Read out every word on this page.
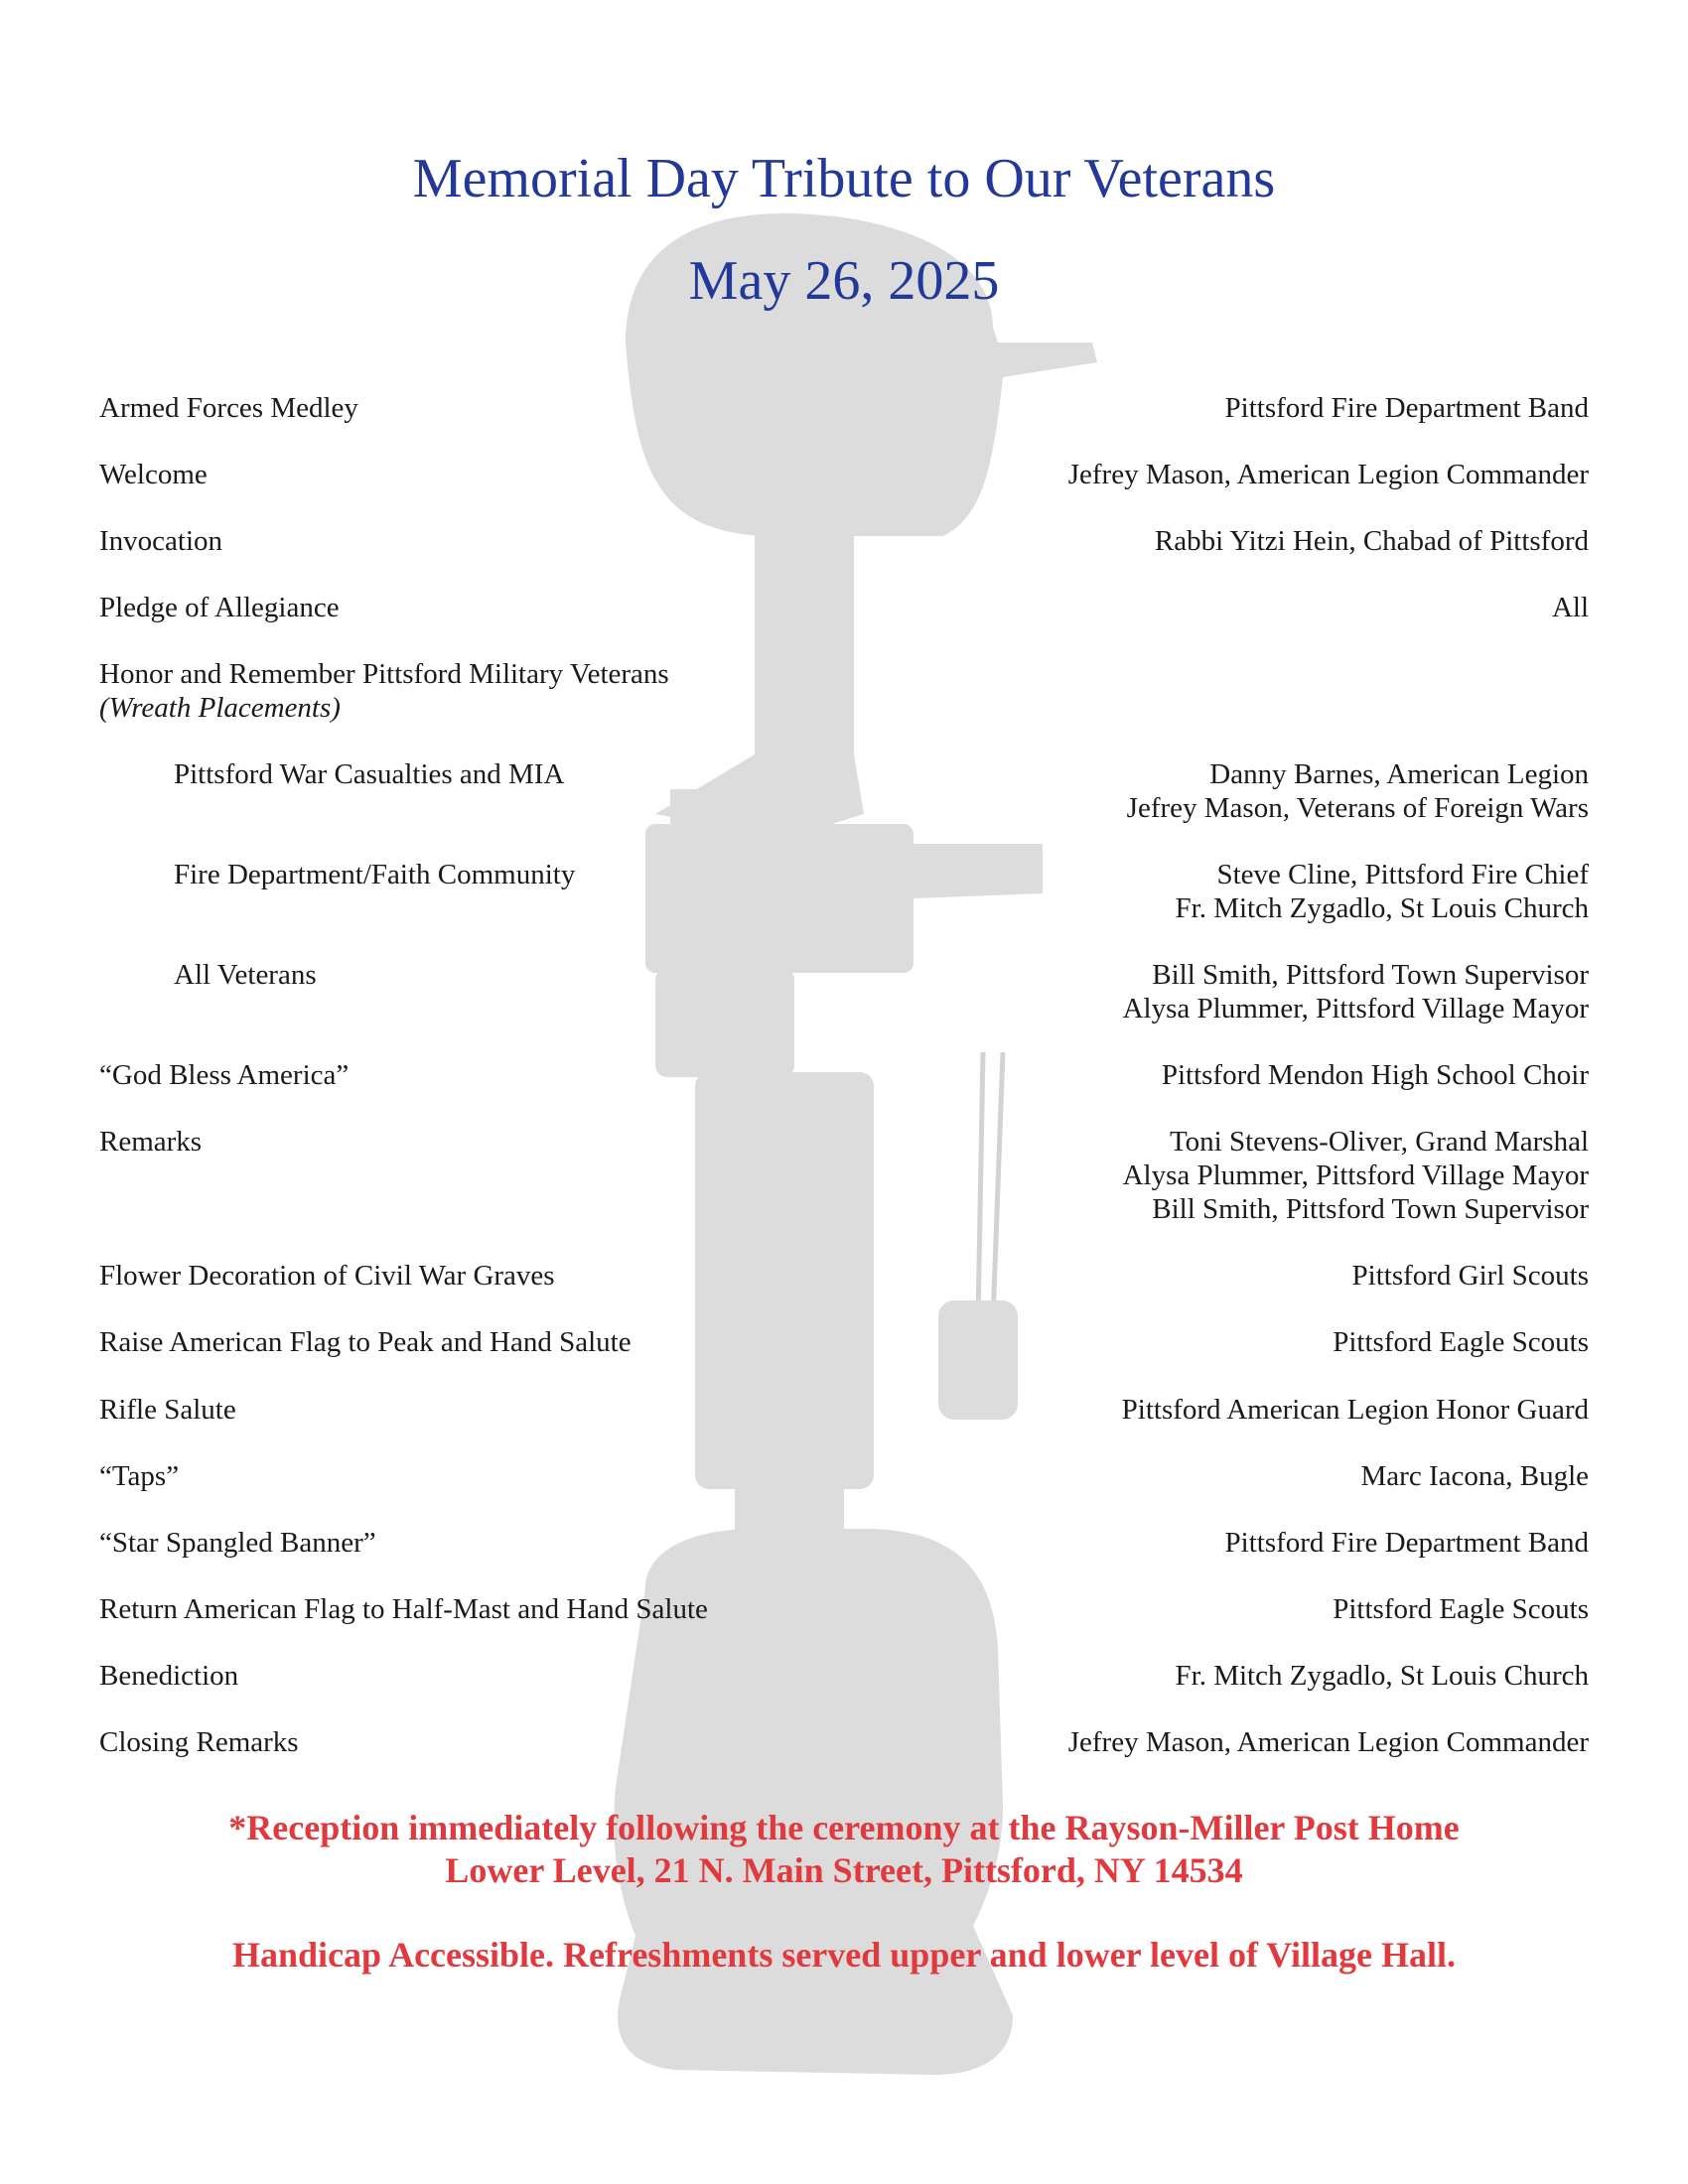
Memorial Day Tribute to Our Veterans
May 26, 2025
Armed Forces Medley	Pittsford Fire Department Band
Welcome	Jefrey Mason, American Legion Commander
Invocation	Rabbi Yitzi Hein, Chabad of Pittsford
Pledge of Allegiance	All
Honor and Remember Pittsford Military Veterans
(Wreath Placements)
Pittsford War Casualties and MIA	Danny Barnes, American Legion
Jefrey Mason, Veterans of Foreign Wars
Fire Department/Faith Community	Steve Cline, Pittsford Fire Chief
Fr. Mitch Zygadlo, St Louis Church
All Veterans	Bill Smith, Pittsford Town Supervisor
Alysa Plummer, Pittsford Village Mayor
“God Bless America”	Pittsford Mendon High School Choir
Remarks	Toni Stevens-Oliver, Grand Marshal
Alysa Plummer, Pittsford Village Mayor
Bill Smith, Pittsford Town Supervisor
Flower Decoration of Civil War Graves	Pittsford Girl Scouts
Raise American Flag to Peak and Hand Salute	Pittsford Eagle Scouts
Rifle Salute	Pittsford American Legion Honor Guard
“Taps”	Marc Iacona, Bugle
“Star Spangled Banner”	Pittsford Fire Department Band
Return American Flag to Half-Mast and Hand Salute	Pittsford Eagle Scouts
Benediction	Fr. Mitch Zygadlo, St Louis Church
Closing Remarks	Jefrey Mason, American Legion Commander
*Reception immediately following the ceremony at the Rayson-Miller Post Home
Lower Level, 21 N. Main Street, Pittsford, NY 14534
Handicap Accessible. Refreshments served upper and lower level of Village Hall.
